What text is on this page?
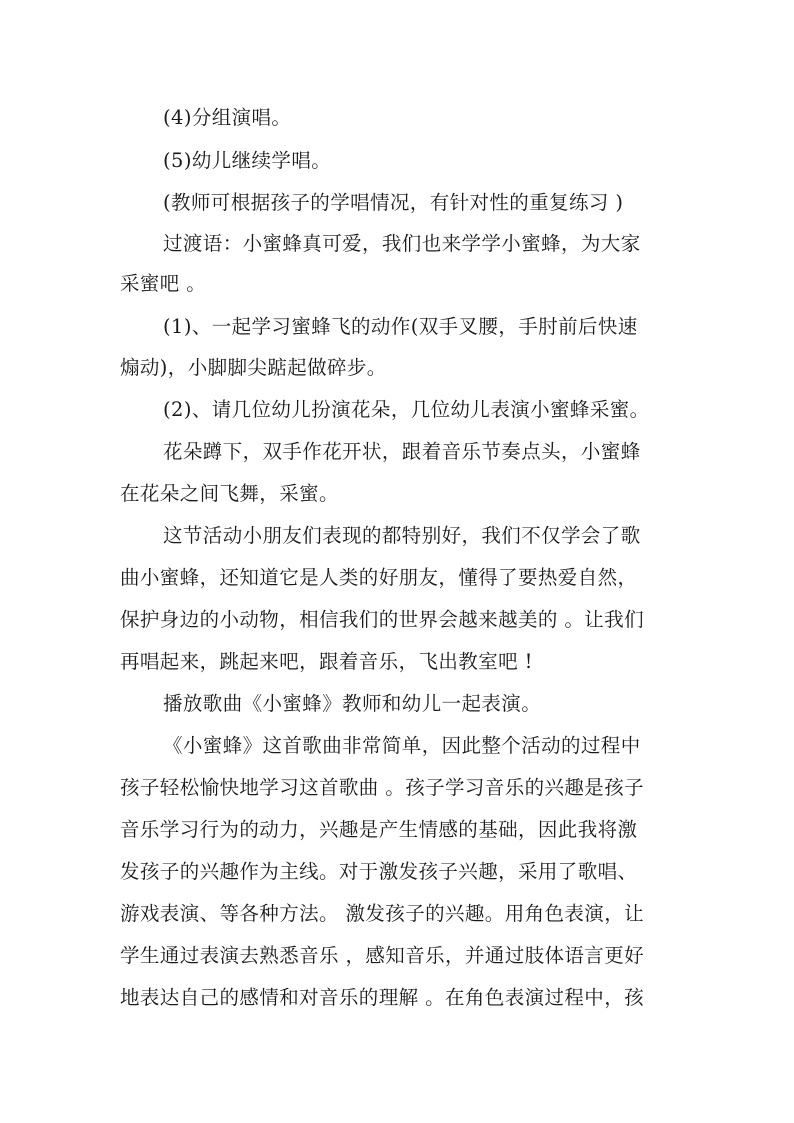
(4)分组演唱。
(5)幼儿继续学唱。
(教师可根据孩子的学唱情况，有针对性的重复练习 )
过渡语：小蜜蜂真可爱，我们也来学学小蜜蜂，为大家
采蜜吧 。
(1)、一起学习蜜蜂飞的动作(双手叉腰，手肘前后快速
煽动)，小脚脚尖踮起做碎步。
(2)、请几位幼儿扮演花朵，几位幼儿表演小蜜蜂采蜜。
花朵蹲下，双手作花开状，跟着音乐节奏点头，小蜜蜂
在花朵之间飞舞，采蜜。
这节活动小朋友们表现的都特别好，我们不仅学会了歌
曲小蜜蜂，还知道它是人类的好朋友，懂得了要热爱自然，
保护身边的小动物，相信我们的世界会越来越美的 。让我们
再唱起来，跳起来吧，跟着音乐，飞出教室吧 !
播放歌曲《小蜜蜂》教师和幼儿一起表演。
《小蜜蜂》这首歌曲非常简单，因此整个活动的过程中
孩子轻松愉快地学习这首歌曲 。孩子学习音乐的兴趣是孩子
音乐学习行为的动力，兴趣是产生情感的基础，因此我将激
发孩子的兴趣作为主线。对于激发孩子兴趣，采用了歌唱、
游戏表演、等各种方法。 激发孩子的兴趣。用角色表演，让
学生通过表演去熟悉音乐 ，感知音乐，并通过肢体语言更好
地表达自己的感情和对音乐的理解 。在角色表演过程中，孩
